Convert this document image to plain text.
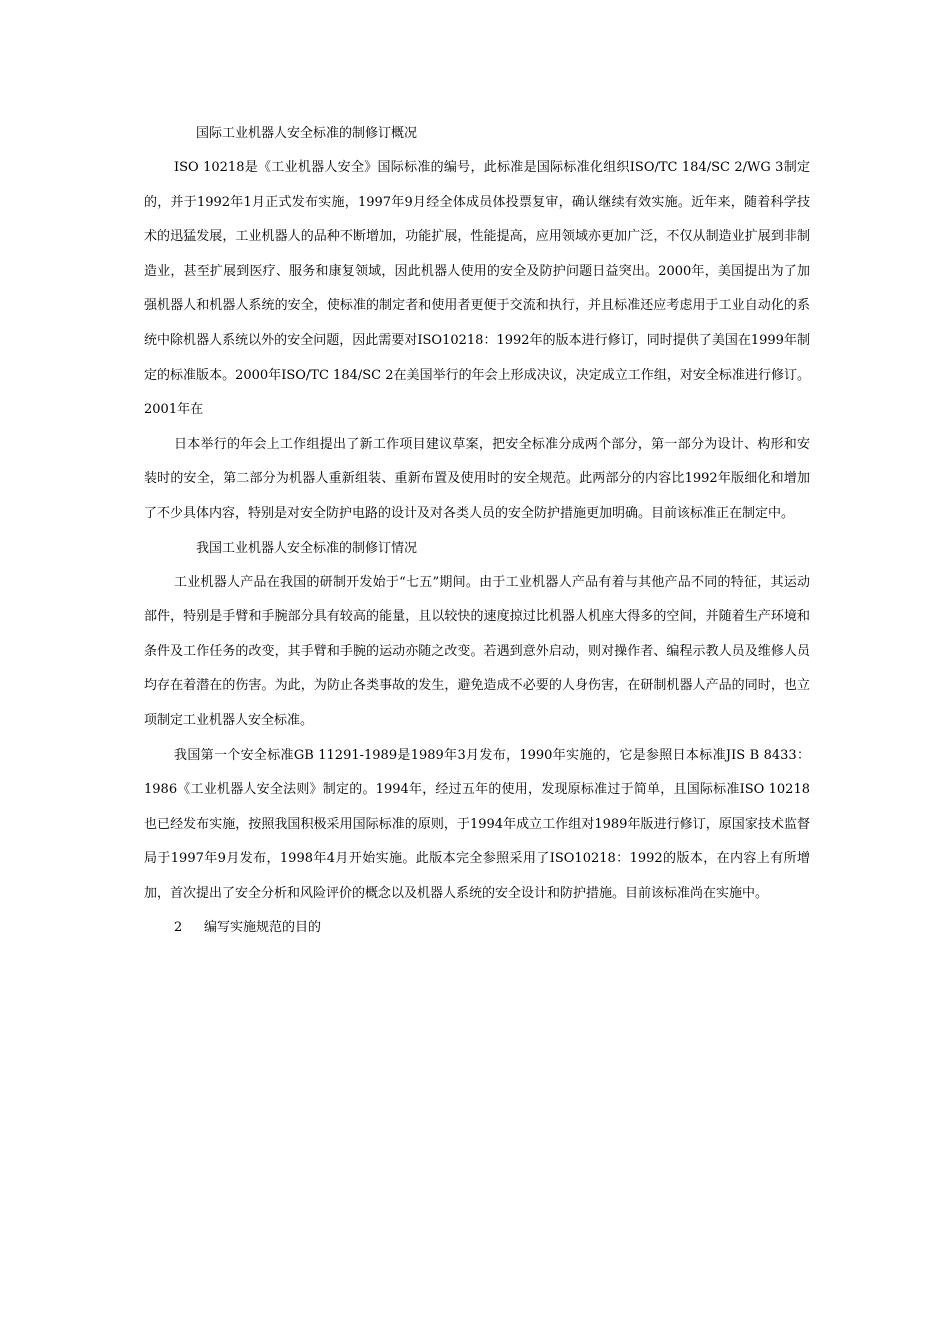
国际工业机器人安全标准的制修订概况

ISO 10218是《工业机器人安全》国际标准的编号，此标准是国际标准化组织ISO/TC 184/SC 2/WG 3制定的，并于1992年1月正式发布实施，1997年9月经全体成员体投票复审，确认继续有效实施。近年来，随着科学技术的迅猛发展，工业机器人的品种不断增加，功能扩展，性能提高，应用领域亦更加广泛，不仅从制造业扩展到非制造业，甚至扩展到医疗、服务和康复领域，因此机器人使用的安全及防护问题日益突出。2000年，美国提出为了加强机器人和机器人系统的安全，使标准的制定者和使用者更便于交流和执行，并且标准还应考虑用于工业自动化的系统中除机器人系统以外的安全问题，因此需要对ISO10218：1992年的版本进行修订，同时提供了美国在1999年制定的标准版本。2000年ISO/TC 184/SC 2在美国举行的年会上形成决议，决定成立工作组，对安全标准进行修订。2001年在

日本举行的年会上工作组提出了新工作项目建议草案，把安全标准分成两个部分，第一部分为设计、构形和安装时的安全，第二部分为机器人重新组装、重新布置及使用时的安全规范。此两部分的内容比1992年版细化和增加了不少具体内容，特别是对安全防护电路的设计及对各类人员的安全防护措施更加明确。目前该标准正在制定中。

我国工业机器人安全标准的制修订情况

工业机器人产品在我国的研制开发始于“七五”期间。由于工业机器人产品有着与其他产品不同的特征，其运动部件，特别是手臂和手腕部分具有较高的能量，且以较快的速度掠过比机器人机座大得多的空间，并随着生产环境和条件及工作任务的改变，其手臂和手腕的运动亦随之改变。若遇到意外启动，则对操作者、编程示教人员及维修人员均存在着潜在的伤害。为此，为防止各类事故的发生，避免造成不必要的人身伤害，在研制机器人产品的同时，也立项制定工业机器人安全标准。

我国第一个安全标准GB 11291-1989是1989年3月发布，1990年实施的，它是参照日本标准JIS B 8433：1986《工业机器人安全法则》制定的。1994年，经过五年的使用，发现原标准过于简单，且国际标准ISO 10218也已经发布实施，按照我国积极采用国际标准的原则，于1994年成立工作组对1989年版进行修订，原国家技术监督局于1997年9月发布，1998年4月开始实施。此版本完全参照采用了ISO10218：1992的版本，在内容上有所增加，首次提出了安全分析和风险评价的概念以及机器人系统的安全设计和防护措施。目前该标准尚在实施中。

2 编写实施规范的目的
